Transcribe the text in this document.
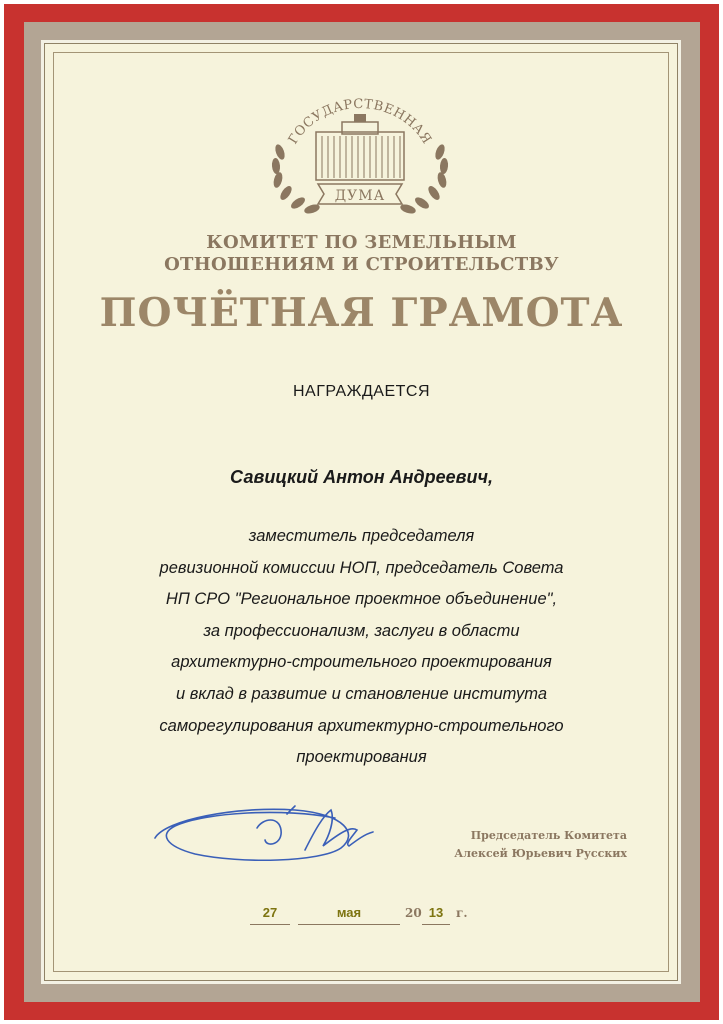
ГОСУДАРСТВЕННАЯ
ДУМА
КОМИТЕТ ПО ЗЕМЕЛЬНЫМ
ОТНОШЕНИЯМ И СТРОИТЕЛЬСТВУ
ПОЧЁТНАЯ ГРАМОТА
НАГРАЖДАЕТСЯ
Савицкий Антон Андреевич,
заместитель председателя
ревизионной комиссии НОП, председатель Совета
НП СРО "Региональное проектное объединение",
за профессионализм, заслуги в области
архитектурно-строительного проектирования
и вклад в развитие и становление института
саморегулирования архитектурно-строительного
проектирования
Председатель Комитета
Алексей Юрьевич Русских
27	мая	20 13	г.
